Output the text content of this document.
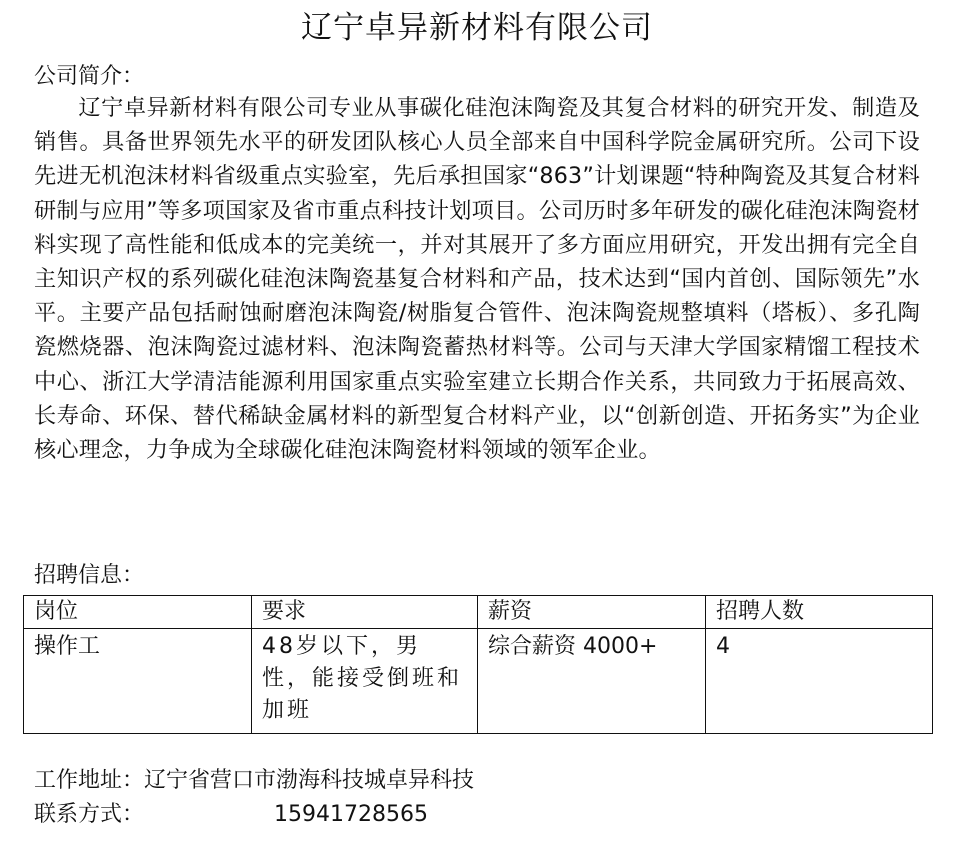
辽宁卓异新材料有限公司
公司简介：

辽宁卓异新材料有限公司专业从事碳化硅泡沫陶瓷及其复合材料的研究开发、制造及销售。具备世界领先水平的研发团队核心人员全部来自中国科学院金属研究所。公司下设先进无机泡沫材料省级重点实验室，先后承担国家“863”计划课题“特种陶瓷及其复合材料研制与应用”等多项国家及省市重点科技计划项目。公司历时多年研发的碳化硅泡沫陶瓷材料实现了高性能和低成本的完美统一，并对其展开了多方面应用研究，开发出拥有完全自主知识产权的系列碳化硅泡沫陶瓷基复合材料和产品，技术达到“国内首创、国际领先”水平。主要产品包括耐蚀耐磨泡沫陶瓷/树脂复合管件、泡沫陶瓷规整填料（塔板）、多孔陶瓷燃烧器、泡沫陶瓷过滤材料、泡沫陶瓷蓄热材料等。公司与天津大学国家精馏工程技术中心、浙江大学清洁能源利用国家重点实验室建立长期合作关系，共同致力于拓展高效、长寿命、环保、替代稀缺金属材料的新型复合材料产业，以“创新创造、开拓务实”为企业核心理念，力争成为全球碳化硅泡沫陶瓷材料领域的领军企业。

招聘信息：
岗位	要求	薪资	招聘人数
操作工	48岁以下，男性，能接受倒班和加班	综合薪资 4000+	4
工作地址：辽宁省营口市渤海科技城卓异科技
联系方式：	15941728565
